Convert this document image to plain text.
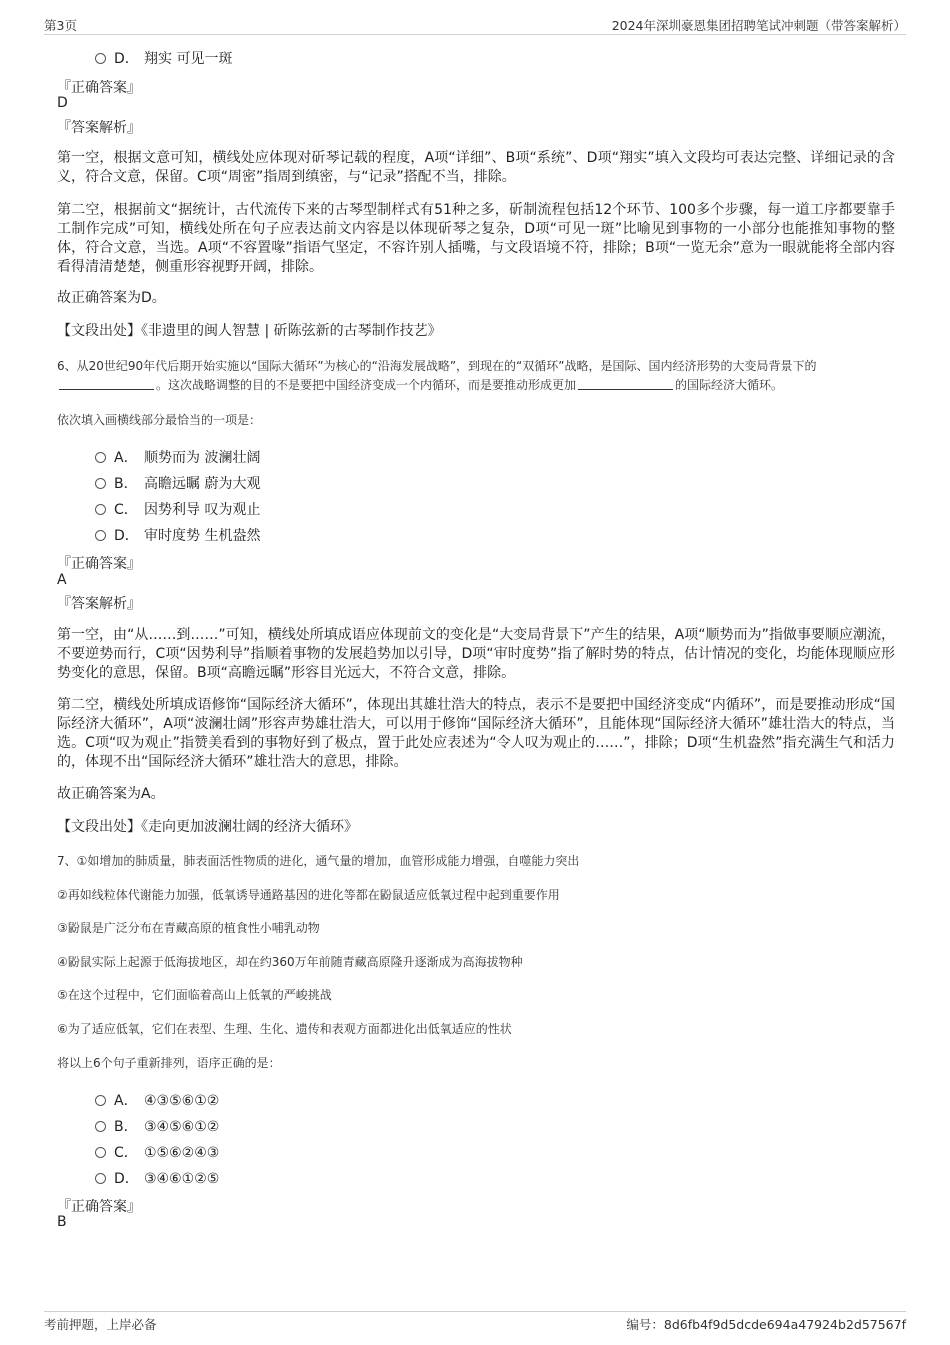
第3页	2024年深圳豪恩集团招聘笔试冲刺题（带答案解析）
D． 翔实 可见一斑
『正确答案』
D
『答案解析』
第一空，根据文意可知，横线处应体现对斫琴记载的程度，A项“详细”、B项“系统”、D项“翔实”填入文段均可表达完整、详细记录的含义，符合文意，保留。C项“周密”指周到缜密，与“记录”搭配不当，排除。
第二空，根据前文“据统计，古代流传下来的古琴型制样式有51种之多，斫制流程包括12个环节、100多个步骤，每一道工序都要靠手工制作完成”可知，横线处所在句子应表达前文内容是以体现斫琴之复杂，D项“可见一斑”比喻见到事物的一小部分也能推知事物的整体，符合文意，当选。A项“不容置喙”指语气坚定，不容许别人插嘴，与文段语境不符，排除；B项“一览无余”意为一眼就能将全部内容看得清清楚楚，侧重形容视野开阔，排除。
故正确答案为D。
【文段出处】《非遗里的闽人智慧 | 斫陈弦新的古琴制作技艺》
6、从20世纪90年代后期开始实施以“国际大循环”为核心的“沿海发展战略”，到现在的“双循环”战略，是国际、国内经济形势的大变局背景下的。这次战略调整的目的不是要把中国经济变成一个内循环，而是要推动形成更加	的国际经济大循环。
依次填入画横线部分最恰当的一项是：
A． 顺势而为 波澜壮阔
B． 高瞻远瞩 蔚为大观
C． 因势利导 叹为观止
D． 审时度势 生机盎然
『正确答案』
A
『答案解析』
第一空，由“从……到……”可知，横线处所填成语应体现前文的变化是“大变局背景下”产生的结果，A项“顺势而为”指做事要顺应潮流，不要逆势而行，C项“因势利导”指顺着事物的发展趋势加以引导，D项“审时度势”指了解时势的特点，估计情况的变化，均能体现顺应形势变化的意思，保留。B项“高瞻远瞩”形容目光远大，不符合文意，排除。
第二空，横线处所填成语修饰“国际经济大循环”，体现出其雄壮浩大的特点，表示不是要把中国经济变成“内循环”，而是要推动形成“国际经济大循环”，A项“波澜壮阔”形容声势雄壮浩大，可以用于修饰“国际经济大循环”，且能体现“国际经济大循环”雄壮浩大的特点，当选。C项“叹为观止”指赞美看到的事物好到了极点，置于此处应表述为“令人叹为观止的……”，排除；D项“生机盎然”指充满生气和活力的，体现不出“国际经济大循环”雄壮浩大的意思，排除。
故正确答案为A。
【文段出处】《走向更加波澜壮阔的经济大循环》
7、①如增加的肺质量，肺表面活性物质的进化，通气量的增加，血管形成能力增强，自噬能力突出
②再如线粒体代谢能力加强，低氧诱导通路基因的进化等都在鼢鼠适应低氧过程中起到重要作用
③鼢鼠是广泛分布在青藏高原的植食性小哺乳动物
④鼢鼠实际上起源于低海拔地区，却在约360万年前随青藏高原隆升逐渐成为高海拔物种
⑤在这个过程中，它们面临着高山上低氧的严峻挑战
⑥为了适应低氧，它们在表型、生理、生化、遗传和表观方面都进化出低氧适应的性状
将以上6个句子重新排列，语序正确的是：
A． ④③⑤⑥①②
B． ③④⑤⑥①②
C． ①⑤⑥②④③
D． ③④⑥①②⑤
『正确答案』
B
考前押题，上岸必备	编号：8d6fb4f9d5dcde694a47924b2d57567f
